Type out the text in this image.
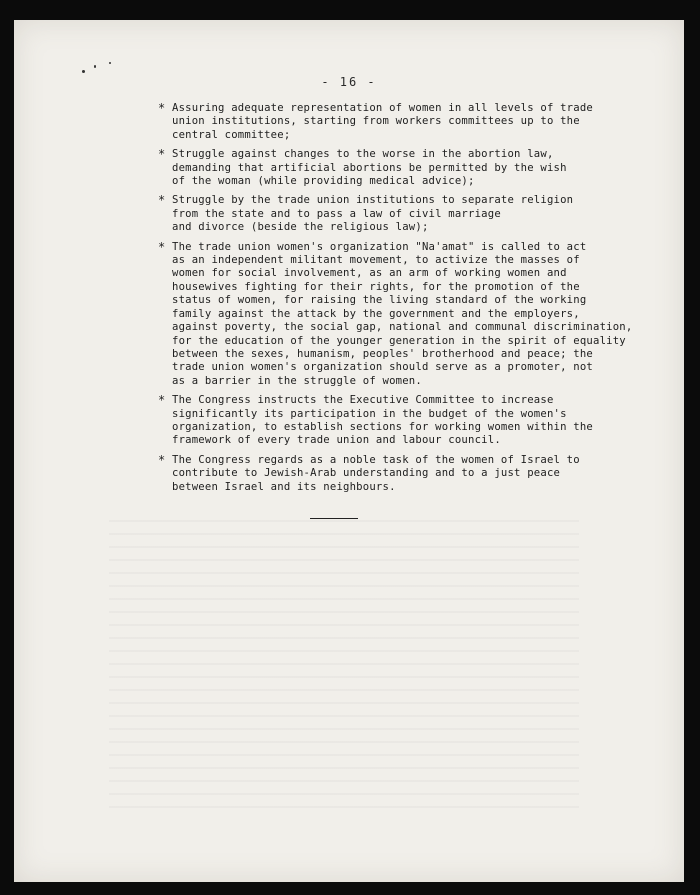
- 16 -
* Assuring adequate representation of women in all levels of trade
union institutions, starting from workers committees up to the
central committee;
* Struggle against changes to the worse in the abortion law,
demanding that artificial abortions be permitted by the wish
of the woman (while providing medical advice);
* Struggle by the trade union institutions to separate religion
from the state and to pass a law of civil marriage
and divorce (beside the religious law);
* The trade union women's organization "Na'amat" is called to act
as an independent militant movement, to activize the masses of
women for social involvement, as an arm of working women and
housewives fighting for their rights, for the promotion of the
status of women, for raising the living standard of the working
family against the attack by the government and the employers,
against poverty, the social gap, national and communal discrimination,
for the education of the younger generation in the spirit of equality
between the sexes, humanism, peoples' brotherhood and peace; the
trade union women's organization should serve as a promoter, not
as a barrier in the struggle of women.
* The Congress instructs the Executive Committee to increase
significantly its participation in the budget of the women's
organization, to establish sections for working women within the
framework of every trade union and labour council.
* The Congress regards as a noble task of the women of Israel to
contribute to Jewish-Arab understanding and to a just peace
between Israel and its neighbours.
